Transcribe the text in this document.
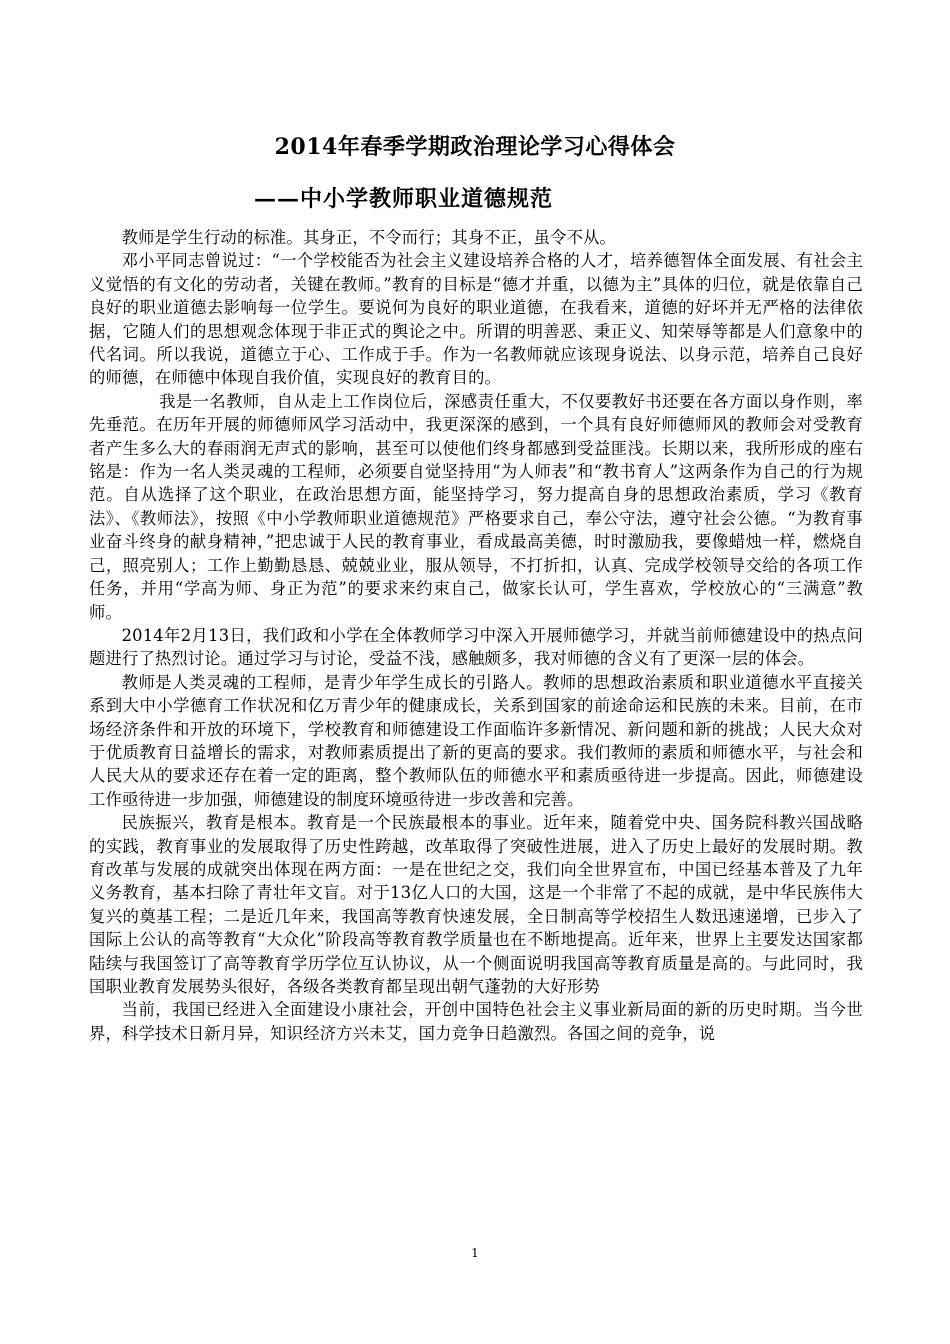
2014年春季学期政治理论学习心得体会
——中小学教师职业道德规范

教师是学生行动的标准。其身正，不令而行；其身不正，虽令不从。

邓小平同志曾说过：“一个学校能否为社会主义建设培养合格的人才，培养德智体全面发展、有社会主义觉悟的有文化的劳动者，关键在教师。”教育的目标是“德才并重，以德为主”具体的归位，就是依靠自己良好的职业道德去影响每一位学生。要说何为良好的职业道德，在我看来，道德的好坏并无严格的法律依据，它随人们的思想观念体现于非正式的舆论之中。所谓的明善恶、秉正义、知荣辱等都是人们意象中的代名词。所以我说，道德立于心、工作成于手。作为一名教师就应该现身说法、以身示范，培养自己良好的师德，在师德中体现自我价值，实现良好的教育目的。

我是一名教师，自从走上工作岗位后，深感责任重大，不仅要教好书还要在各方面以身作则，率先垂范。在历年开展的师德师风学习活动中，我更深深的感到，一个具有良好师德师风的教师会对受教育者产生多么大的春雨润无声式的影响，甚至可以使他们终身都感到受益匪浅。长期以来，我所形成的座右铭是：作为一名人类灵魂的工程师，必须要自觉坚持用“为人师表”和“教书育人”这两条作为自己的行为规范。自从选择了这个职业，在政治思想方面，能坚持学习，努力提高自身的思想政治素质，学习《教育法》、《教师法》，按照《中小学教师职业道德规范》严格要求自己，奉公守法，遵守社会公德。“为教育事业奋斗终身的献身精神，”把忠诚于人民的教育事业，看成最高美德，时时激励我，要像蜡烛一样，燃烧自己，照亮别人；工作上勤勤恳恳、兢兢业业，服从领导，不打折扣，认真、完成学校领导交给的各项工作任务，并用“学高为师、身正为范”的要求来约束自己，做家长认可，学生喜欢，学校放心的“三满意”教师。

2014年2月13日，我们政和小学在全体教师学习中深入开展师德学习，并就当前师德建设中的热点问题进行了热烈讨论。通过学习与讨论，受益不浅，感触颇多，我对师德的含义有了更深一层的体会。

教师是人类灵魂的工程师，是青少年学生成长的引路人。教师的思想政治素质和职业道德水平直接关系到大中小学德育工作状况和亿万青少年的健康成长，关系到国家的前途命运和民族的未来。目前，在市场经济条件和开放的环境下，学校教育和师德建设工作面临许多新情况、新问题和新的挑战；人民大众对于优质教育日益增长的需求，对教师素质提出了新的更高的要求。我们教师的素质和师德水平，与社会和人民大从的要求还存在着一定的距离，整个教师队伍的师德水平和素质亟待进一步提高。因此，师德建设工作亟待进一步加强，师德建设的制度环境亟待进一步改善和完善。

民族振兴，教育是根本。教育是一个民族最根本的事业。近年来，随着党中央、国务院科教兴国战略的实践，教育事业的发展取得了历史性跨越，改革取得了突破性进展，进入了历史上最好的发展时期。教育改革与发展的成就突出体现在两方面：一是在世纪之交，我们向全世界宣布，中国已经基本普及了九年义务教育，基本扫除了青壮年文盲。对于13亿人口的大国，这是一个非常了不起的成就，是中华民族伟大复兴的奠基工程；二是近几年来，我国高等教育快速发展，全日制高等学校招生人数迅速递增，已步入了国际上公认的高等教育“大众化”阶段高等教育教学质量也在不断地提高。近年来，世界上主要发达国家都陆续与我国签订了高等教育学历学位互认协议，从一个侧面说明我国高等教育质量是高的。与此同时，我国职业教育发展势头很好，各级各类教育都呈现出朝气蓬勃的大好形势

当前，我国已经进入全面建设小康社会，开创中国特色社会主义事业新局面的新的历史时期。当今世界，科学技术日新月异，知识经济方兴未艾，国力竞争日趋激烈。各国之间的竞争，说

1
